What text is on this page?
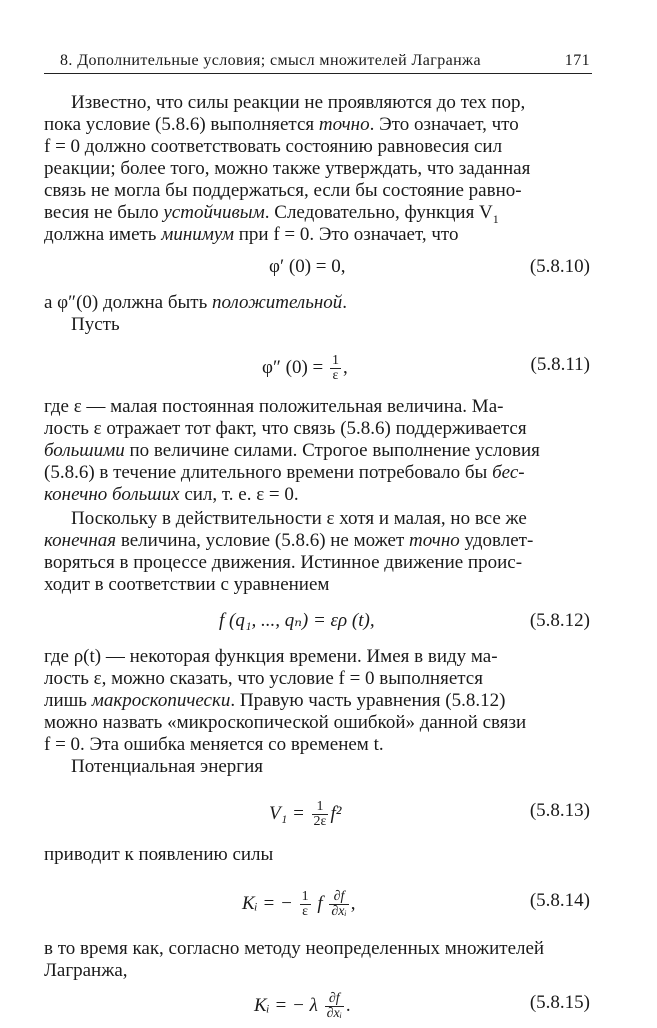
8. Дополнительные условия; смысл множителей Лагранжа	171

Известно, что силы реакции не проявляются до тех пор,
пока условие (5.8.6) выполняется точно. Это означает, что
f = 0 должно соответствовать состоянию равновесия сил
реакции; более того, можно также утверждать, что заданная
связь не могла бы поддержаться, если бы состояние равно-
весия не было устойчивым. Следовательно, функция $V_1$
должна иметь минимум при f = 0. Это означает, что

φ′ (0) = 0,	(5.8.10)

а φ″(0) должна быть положительной.

Пусть

φ″ $(0) = \frac{1}{\varepsilon}$ ,	(5.8.11)

где ε — малая постоянная положительная величина. Ма-
лость ε отражает тот факт, что связь (5.8.6) поддерживается
большими по величине силами. Строгое выполнение условия
(5.8.6) в течение длительного времени потребовало бы бес-
конечно больших сил, т. е. ε = 0.

Поскольку в действительности ε хотя и малая, но все же
конечная величина, условие (5.8.6) не может точно удовлет-
воряться в процессе движения. Истинное движение проис-
ходит в соответствии с уравнением

f (q₁, ..., qₙ) = ερ (t),	(5.8.12)

где ρ(t) — некоторая функция времени. Имея в виду ма-
лость ε, можно сказать, что условие f = 0 выполняется
лишь макроскопически. Правую часть уравнения (5.8.12)
можно назвать «микроскопической ошибкой» данной связи
f = 0. Эта ошибка меняется со временем t.

Потенциальная энергия

$V_1 = \frac{1}{2\varepsilon} f^2$	(5.8.13)

приводит к появлению силы

Kᵢ = − $\frac{1}{\varepsilon}$ f $\frac{\partial f}{\text{∂xᵢ}}$ ,	(5.8.14)

в то время как, согласно методу неопределенных множителей
Лагранжа,

Kᵢ = − λ $\frac{\partial f}{\text{∂xᵢ}}$ .	(5.8.15)
